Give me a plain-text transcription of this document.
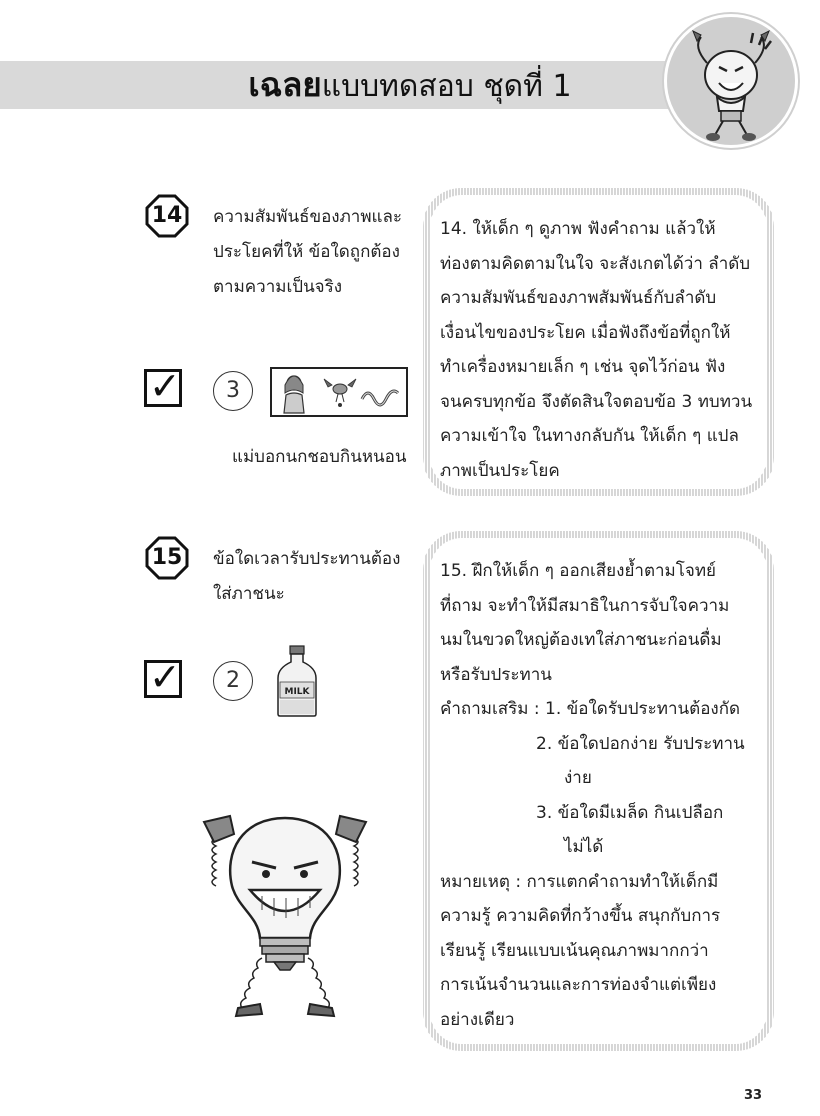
เฉลยแบบทดสอบ ชุดที่ 1
14	ความสัมพันธ์ของภาพและ
ประโยคที่ให้ ข้อใดถูกต้อง
ตามความเป็นจริง
✓	3
แม่บอกนกชอบกินหนอน

14. ให้เด็ก ๆ ดูภาพ ฟังคำถาม แล้วให้

ท่องตามคิดตามในใจ จะสังเกตได้ว่า ลำดับ

ความสัมพันธ์ของภาพสัมพันธ์กับลำดับ

เงื่อนไขของประโยค เมื่อฟังถึงข้อที่ถูกให้

ทำเครื่องหมายเล็ก ๆ เช่น จุดไว้ก่อน ฟัง

จนครบทุกข้อ จึงตัดสินใจตอบข้อ 3 ทบทวน

ความเข้าใจ ในทางกลับกัน ให้เด็ก ๆ แปล

ภาพเป็นประโยค

15	ข้อใดเวลารับประทานต้อง
ใส่ภาชนะ
✓	2	MILK

15. ฝึกให้เด็ก ๆ ออกเสียงย้ำตามโจทย์

ที่ถาม จะทำให้มีสมาธิในการจับใจความ

นมในขวดใหญ่ต้องเทใส่ภาชนะก่อนดื่ม

หรือรับประทาน

คำถามเสริม : 1. ข้อใดรับประทานต้องกัด

2. ข้อใดปอกง่าย รับประทาน

ง่าย

3. ข้อใดมีเมล็ด กินเปลือก

ไม่ได้

หมายเหตุ : การแตกคำถามทำให้เด็กมี

ความรู้ ความคิดที่กว้างขึ้น สนุกกับการ

เรียนรู้ เรียนแบบเน้นคุณภาพมากกว่า

การเน้นจำนวนและการท่องจำแต่เพียง

อย่างเดียว

33
